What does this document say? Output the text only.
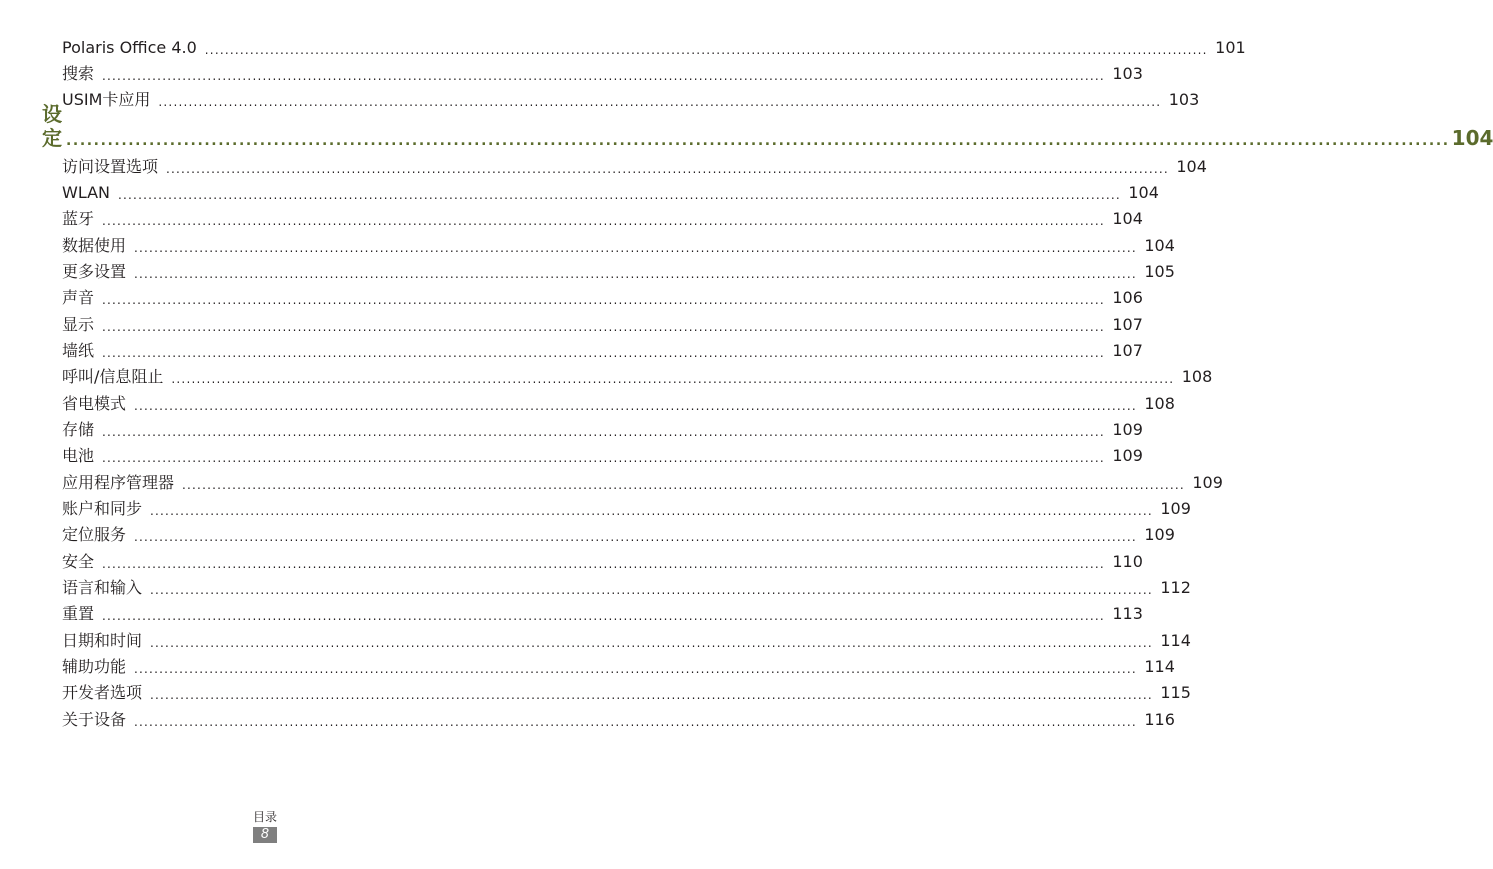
Polaris Office 4.0 ........................................................................................................................................................................................................ 101
搜索 ........................................................................................................................................................................................................ 103
USIM卡应用 ........................................................................................................................................................................................................ 103
设定 ........................................................................................................................................................................................................ 104
访问设置选项 ........................................................................................................................................................................................................ 104
WLAN ........................................................................................................................................................................................................ 104
蓝牙 ........................................................................................................................................................................................................ 104
数据使用 ........................................................................................................................................................................................................ 104
更多设置 ........................................................................................................................................................................................................ 105
声音 ........................................................................................................................................................................................................ 106
显示 ........................................................................................................................................................................................................ 107
墙纸 ........................................................................................................................................................................................................ 107
呼叫/信息阻止 ........................................................................................................................................................................................................ 108
省电模式 ........................................................................................................................................................................................................ 108
存储 ........................................................................................................................................................................................................ 109
电池 ........................................................................................................................................................................................................ 109
应用程序管理器 ........................................................................................................................................................................................................ 109
账户和同步 ........................................................................................................................................................................................................ 109
定位服务 ........................................................................................................................................................................................................ 109
安全 ........................................................................................................................................................................................................ 110
语言和输入 ........................................................................................................................................................................................................ 112
重置 ........................................................................................................................................................................................................ 113
日期和时间 ........................................................................................................................................................................................................ 114
辅助功能 ........................................................................................................................................................................................................ 114
开发者选项 ........................................................................................................................................................................................................ 115
关于设备 ........................................................................................................................................................................................................ 116
目录
8
